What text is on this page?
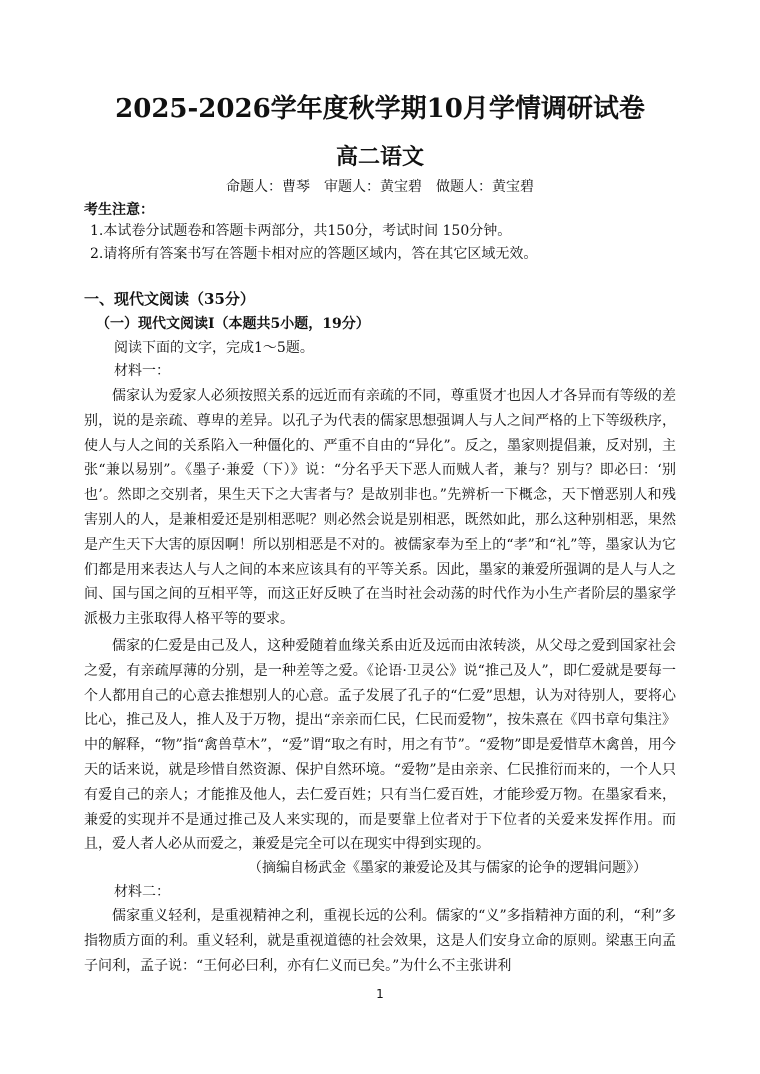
2025-2026学年度秋学期10月学情调研试卷
高二语文
命题人：曹琴　审题人：黄宝碧　做题人：黄宝碧
考生注意：
1.本试卷分试题卷和答题卡两部分，共150分，考试时间 150分钟。
2.请将所有答案书写在答题卡相对应的答题区域内，答在其它区域无效。
一、现代文阅读（35分）
（一）现代文阅读Ⅰ（本题共5小题，19分）
阅读下面的文字，完成1～5题。
材料一：
儒家认为爱家人必须按照关系的远近而有亲疏的不同，尊重贤才也因人才各异而有等级的差别，说的是亲疏、尊卑的差异。以孔子为代表的儒家思想强调人与人之间严格的上下等级秩序，使人与人之间的关系陷入一种僵化的、严重不自由的“异化”。反之，墨家则提倡兼，反对别，主张“兼以易别”。《墨子·兼爱（下）》说：“分名乎天下恶人而贼人者，兼与？别与？即必曰：‘别也’。然即之交别者，果生天下之大害者与？是故别非也。”先辨析一下概念，天下憎恶别人和残害别人的人，是兼相爱还是别相恶呢？则必然会说是别相恶，既然如此，那么这种别相恶，果然是产生天下大害的原因啊！所以别相恶是不对的。被儒家奉为至上的“孝”和“礼”等，墨家认为它们都是用来表达人与人之间的本来应该具有的平等关系。因此，墨家的兼爱所强调的是人与人之间、国与国之间的互相平等，而这正好反映了在当时社会动荡的时代作为小生产者阶层的墨家学派极力主张取得人格平等的要求。
儒家的仁爱是由己及人，这种爱随着血缘关系由近及远而由浓转淡，从父母之爱到国家社会之爱，有亲疏厚薄的分别，是一种差等之爱。《论语·卫灵公》说“推己及人”，即仁爱就是要每一个人都用自己的心意去推想别人的心意。孟子发展了孔子的“仁爱”思想，认为对待别人，要将心比心，推己及人，推人及于万物，提出“亲亲而仁民，仁民而爱物”，按朱熹在《四书章句集注》中的解释，“物”指“禽兽草木”，“爱”谓“取之有时，用之有节”。“爱物”即是爱惜草木禽兽，用今天的话来说，就是珍惜自然资源、保护自然环境。“爱物”是由亲亲、仁民推衍而来的，一个人只有爱自己的亲人；才能推及他人，去仁爱百姓；只有当仁爱百姓，才能珍爱万物。在墨家看来，兼爱的实现并不是通过推己及人来实现的，而是要靠上位者对于下位者的关爱来发挥作用。而且，爱人者人必从而爱之，兼爱是完全可以在现实中得到实现的。
（摘编自杨武金《墨家的兼爱论及其与儒家的论争的逻辑问题》）
材料二：
儒家重义轻利，是重视精神之利，重视长远的公利。儒家的“义”多指精神方面的利，“利”多指物质方面的利。重义轻利，就是重视道德的社会效果，这是人们安身立命的原则。梁惠王向孟子问利，孟子说：“王何必曰利，亦有仁义而已矣。”为什么不主张讲利
1
